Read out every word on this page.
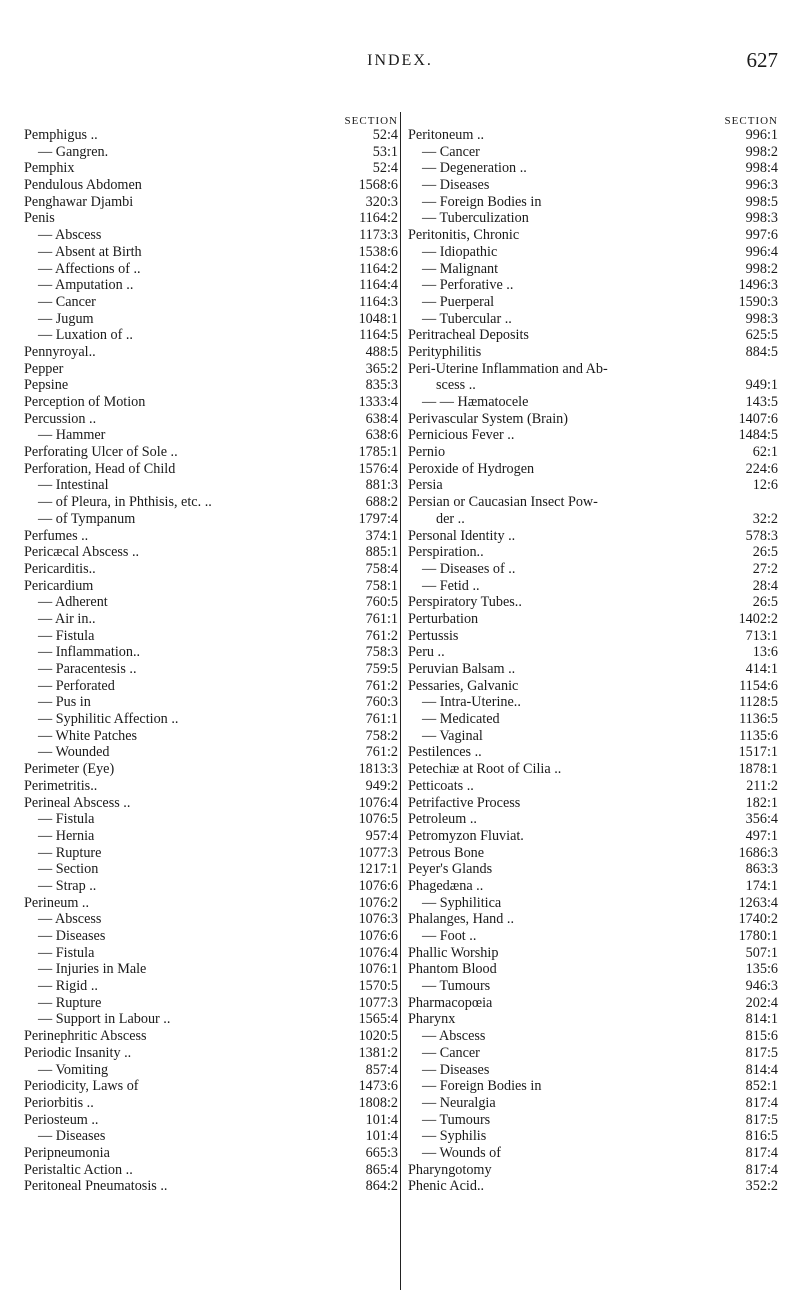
INDEX.	627
SECTION
Pemphigus ..	52:4
— Gangren.	53:1
Pemphix	52:4
Pendulous Abdomen	1568:6
Penghawar Djambi	320:3
Penis	1164:2
— Abscess	1173:3
— Absent at Birth	1538:6
— Affections of ..	1164:2
— Amputation ..	1164:4
— Cancer	1164:3
— Jugum	1048:1
— Luxation of ..	1164:5
Pennyroyal..	488:5
Pepper	365:2
Pepsine	835:3
Perception of Motion	1333:4
Percussion ..	638:4
— Hammer	638:6
Perforating Ulcer of Sole ..	1785:1
Perforation, Head of Child	1576:4
— Intestinal	881:3
— of Pleura, in Phthisis, etc. ..	688:2
— of Tympanum	1797:4
Perfumes ..	374:1
Pericæcal Abscess ..	885:1
Pericarditis..	758:4
Pericardium	758:1
— Adherent	760:5
— Air in..	761:1
— Fistula	761:2
— Inflammation..	758:3
— Paracentesis ..	759:5
— Perforated	761:2
— Pus in	760:3
— Syphilitic Affection ..	761:1
— White Patches	758:2
— Wounded	761:2
Perimeter (Eye)	1813:3
Perimetritis..	949:2
Perineal Abscess ..	1076:4
— Fistula	1076:5
— Hernia	957:4
— Rupture	1077:3
— Section	1217:1
— Strap ..	1076:6
Perineum ..	1076:2
— Abscess	1076:3
— Diseases	1076:6
— Fistula	1076:4
— Injuries in Male	1076:1
— Rigid ..	1570:5
— Rupture	1077:3
— Support in Labour ..	1565:4
Perinephritic Abscess	1020:5
Periodic Insanity ..	1381:2
— Vomiting	857:4
Periodicity, Laws of	1473:6
Periorbitis ..	1808:2
Periosteum ..	101:4
— Diseases	101:4
Peripneumonia	665:3
Peristaltic Action ..	865:4
Peritoneal Pneumatosis ..	864:2
SECTION
Peritoneum ..	996:1
— Cancer	998:2
— Degeneration ..	998:4
— Diseases	996:3
— Foreign Bodies in	998:5
— Tuberculization	998:3
Peritonitis, Chronic	997:6
— Idiopathic	996:4
— Malignant	998:2
— Perforative ..	1496:3
— Puerperal	1590:3
— Tubercular ..	998:3
Peritracheal Deposits	625:5
Perityphilitis	884:5
Peri-Uterine Inflammation and Ab-
scess ..	949:1
— — Hæmatocele	143:5
Perivascular System (Brain)	1407:6
Pernicious Fever ..	1484:5
Pernio	62:1
Peroxide of Hydrogen	224:6
Persia	12:6
Persian or Caucasian Insect Pow-
der ..	32:2
Personal Identity ..	578:3
Perspiration..	26:5
— Diseases of ..	27:2
— Fetid ..	28:4
Perspiratory Tubes..	26:5
Perturbation	1402:2
Pertussis	713:1
Peru ..	13:6
Peruvian Balsam ..	414:1
Pessaries, Galvanic	1154:6
— Intra-Uterine..	1128:5
— Medicated	1136:5
— Vaginal	1135:6
Pestilences ..	1517:1
Petechiæ at Root of Cilia ..	1878:1
Petticoats ..	211:2
Petrifactive Process	182:1
Petroleum ..	356:4
Petromyzon Fluviat.	497:1
Petrous Bone	1686:3
Peyer's Glands	863:3
Phagedæna ..	174:1
— Syphilitica	1263:4
Phalanges, Hand ..	1740:2
— Foot ..	1780:1
Phallic Worship	507:1
Phantom Blood	135:6
— Tumours	946:3
Pharmacopœia	202:4
Pharynx	814:1
— Abscess	815:6
— Cancer	817:5
— Diseases	814:4
— Foreign Bodies in	852:1
— Neuralgia	817:4
— Tumours	817:5
— Syphilis	816:5
— Wounds of	817:4
Pharyngotomy	817:4
Phenic Acid..	352:2
